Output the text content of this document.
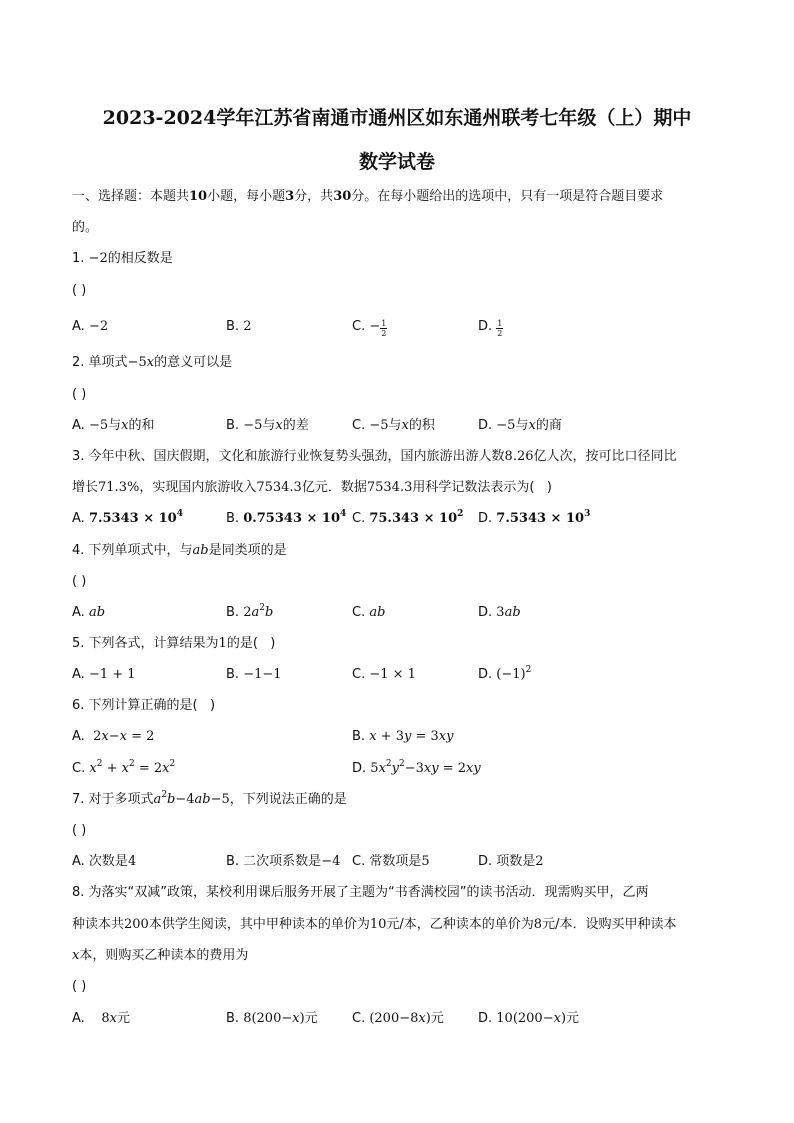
2023-2024学年江苏省南通市通州区如东通州联考七年级（上）期中
数学试卷
一、选择题：本题共10小题，每小题3分，共30分。在每小题给出的选项中，只有一项是符合题目要求
的。
1. −2的相反数是
( )
A. −2	B. 2	C. − $\frac{1}{2}$	D. $\frac{1}{2}$
2. 单项式−5x的意义可以是
( )
A. −5与x的和	B. −5与x的差	C. −5与x的积	D. −5与x的商
3. 今年中秋、国庆假期，文化和旅游行业恢复势头强劲，国内旅游出游人数8.26亿人次，按可比口径同比
增长71.3%，实现国内旅游收入7534.3亿元．数据7534.3用科学记数法表示为(   )
A. $7.5343 \times 10^4$	B. $0.75343 \times 10^4$ C. $75.343 \times 10^2$ D. $7.5343 \times 10^3$
4. 下列单项式中，与ab是同类项的是
( )
A. ab	B. $2a^2b$	C. ab	D. 3ab
5. 下列各式，计算结果为1的是(   )
A. −1 + 1	B. −1−1	C. −1 × 1	D. $(-1)^2$
6. 下列计算正确的是(   )
A.  2x−x = 2	B. x + 3y = 3xy
C. $x^2 + x^2 = 2x^2$	D. $5x^2y^2-3xy = 2xy$
7. 对于多项式$a^2b-4ab-5$，下列说法正确的是
( )
A. 次数是4	B. 二次项系数是−4 C. 常数项是5	D. 项数是2
8. 为落实“双减”政策，某校利用课后服务开展了主题为“书香满校园”的读书活动．现需购买甲，乙两
种读本共200本供学生阅读，其中甲种读本的单价为10元/本，乙种读本的单价为8元/本．设购买甲种读本
x本，则购买乙种读本的费用为
( )
A.    8x元	B. 8(200−x)元	C. (200−8x)元	D. 10(200−x)元
